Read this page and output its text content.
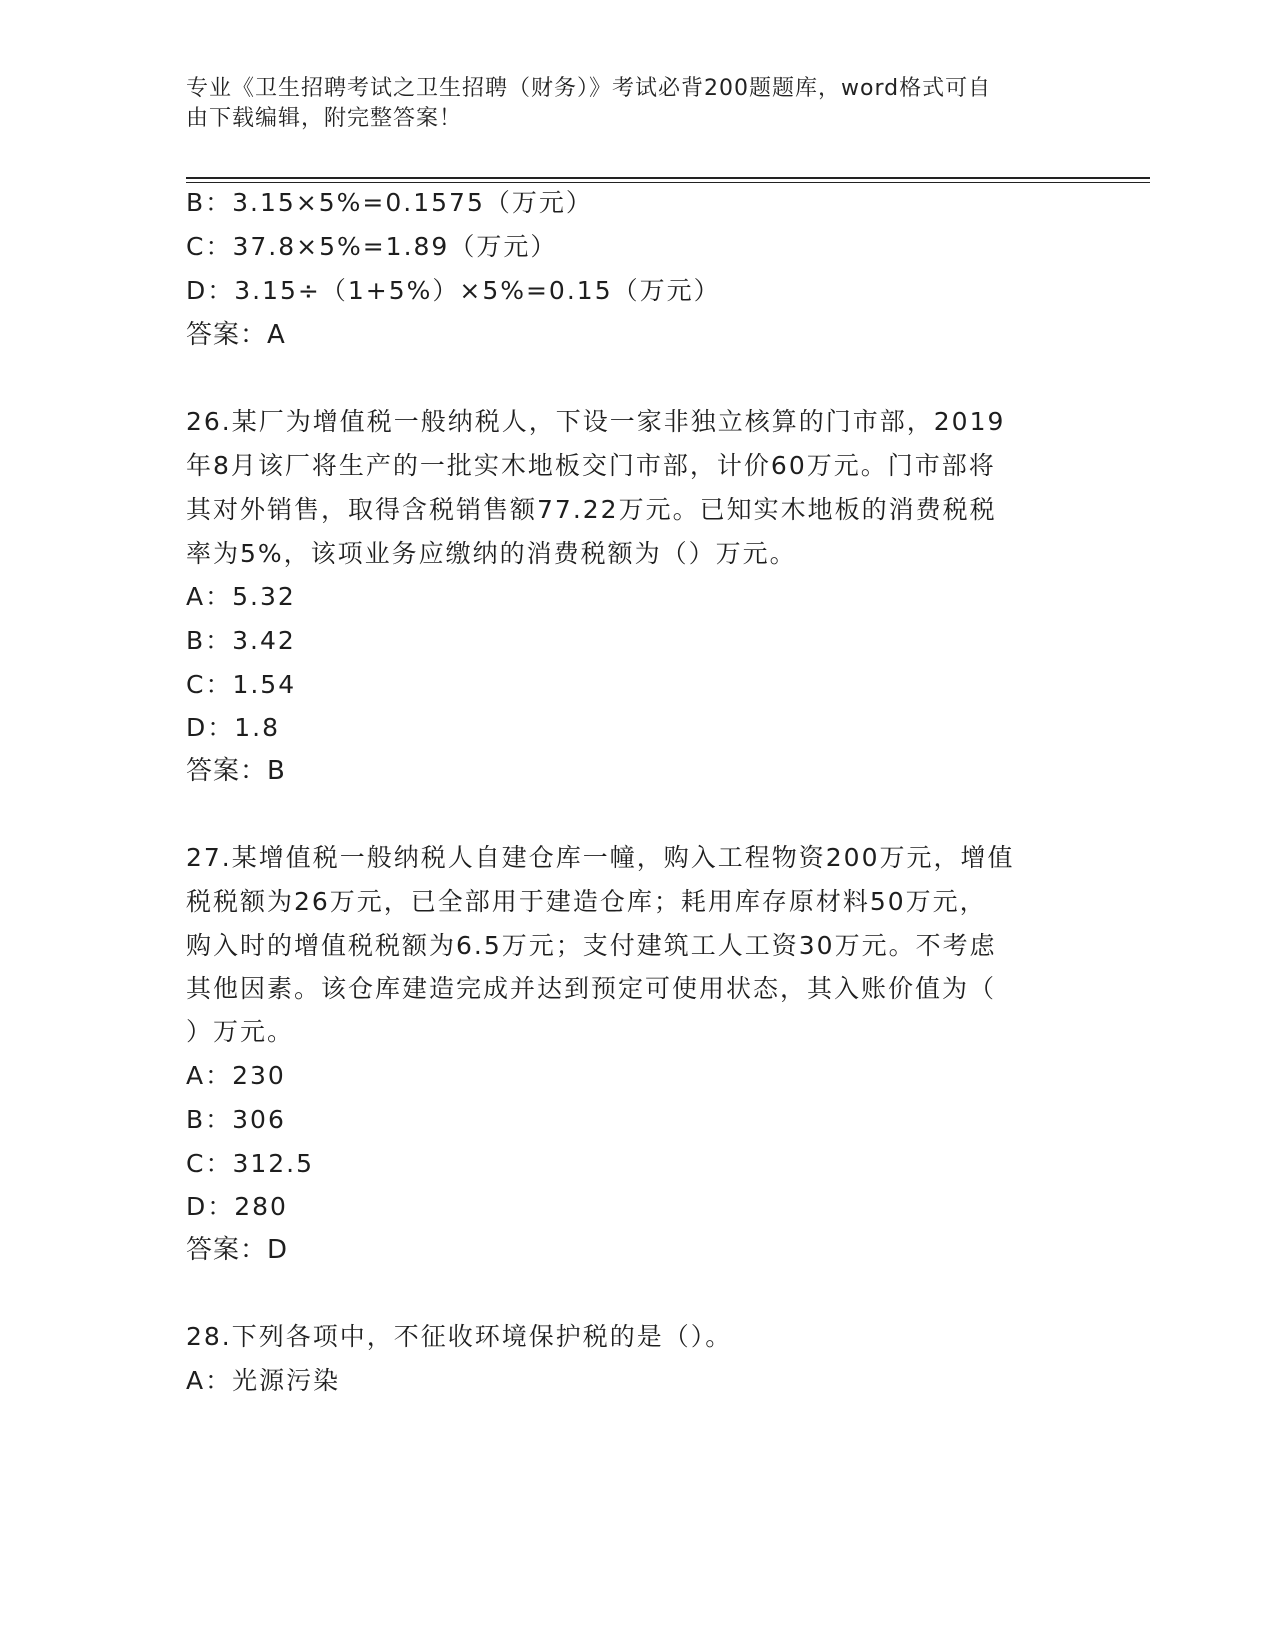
专业《卫生招聘考试之卫生招聘（财务）》考试必背200题题库，word格式可自
由下载编辑，附完整答案！
B：3.15×5%=0.1575（万元）
C：37.8×5%=1.89（万元）
D：3.15÷（1+5%）×5%=0.15（万元）
答案：A
26.某厂为增值税一般纳税人，下设一家非独立核算的门市部，2019
年8月该厂将生产的一批实木地板交门市部，计价60万元。门市部将
其对外销售，取得含税销售额77.22万元。已知实木地板的消费税税
率为5%，该项业务应缴纳的消费税额为（）万元。
A：5.32
B：3.42
C：1.54
D：1.8
答案：B
27.某增值税一般纳税人自建仓库一幢，购入工程物资200万元，增值
税税额为26万元，已全部用于建造仓库；耗用库存原材料50万元，
购入时的增值税税额为6.5万元；支付建筑工人工资30万元。不考虑
其他因素。该仓库建造完成并达到预定可使用状态，其入账价值为（
）万元。
A：230
B：306
C：312.5
D：280
答案：D
28.下列各项中，不征收环境保护税的是（）。
A：光源污染
